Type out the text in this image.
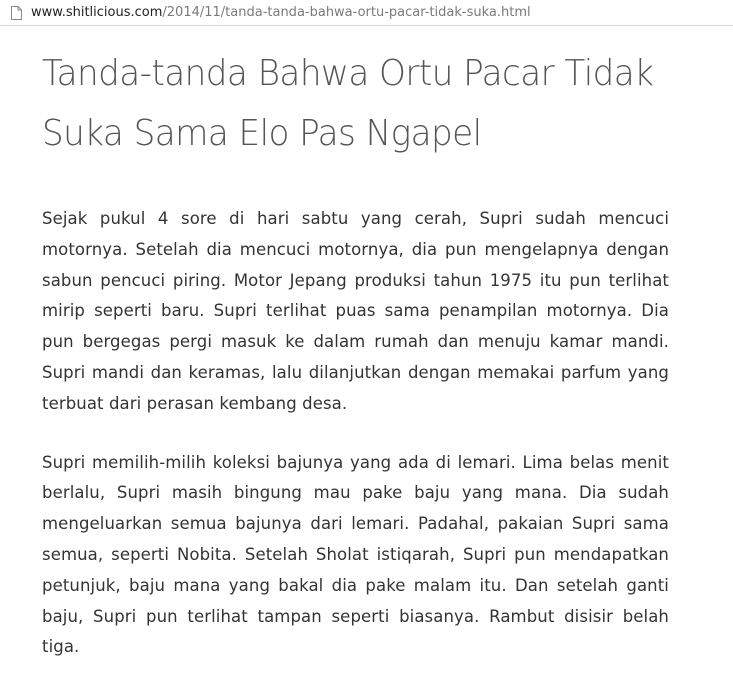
www.shitlicious.com /2014/11/tanda-tanda-bahwa-ortu-pacar-tidak-suka.html
Tanda-tanda Bahwa Ortu Pacar Tidak Suka Sama Elo Pas Ngapel

Sejak pukul 4 sore di hari sabtu yang cerah, Supri sudah mencuci motornya. Setelah dia mencuci motornya, dia pun mengelapnya dengan sabun pencuci piring. Motor Jepang produksi tahun 1975 itu pun terlihat mirip seperti baru. Supri terlihat puas sama penampilan motornya. Dia pun bergegas pergi masuk ke dalam rumah dan menuju kamar mandi. Supri mandi dan keramas, lalu dilanjutkan dengan memakai parfum yang terbuat dari perasan kembang desa.

Supri memilih-milih koleksi bajunya yang ada di lemari. Lima belas menit berlalu, Supri masih bingung mau pake baju yang mana. Dia sudah mengeluarkan semua bajunya dari lemari. Padahal, pakaian Supri sama semua, seperti Nobita. Setelah Sholat istiqarah, Supri pun mendapatkan petunjuk, baju mana yang bakal dia pake malam itu. Dan setelah ganti baju, Supri pun terlihat tampan seperti biasanya. Rambut disisir belah tiga.
